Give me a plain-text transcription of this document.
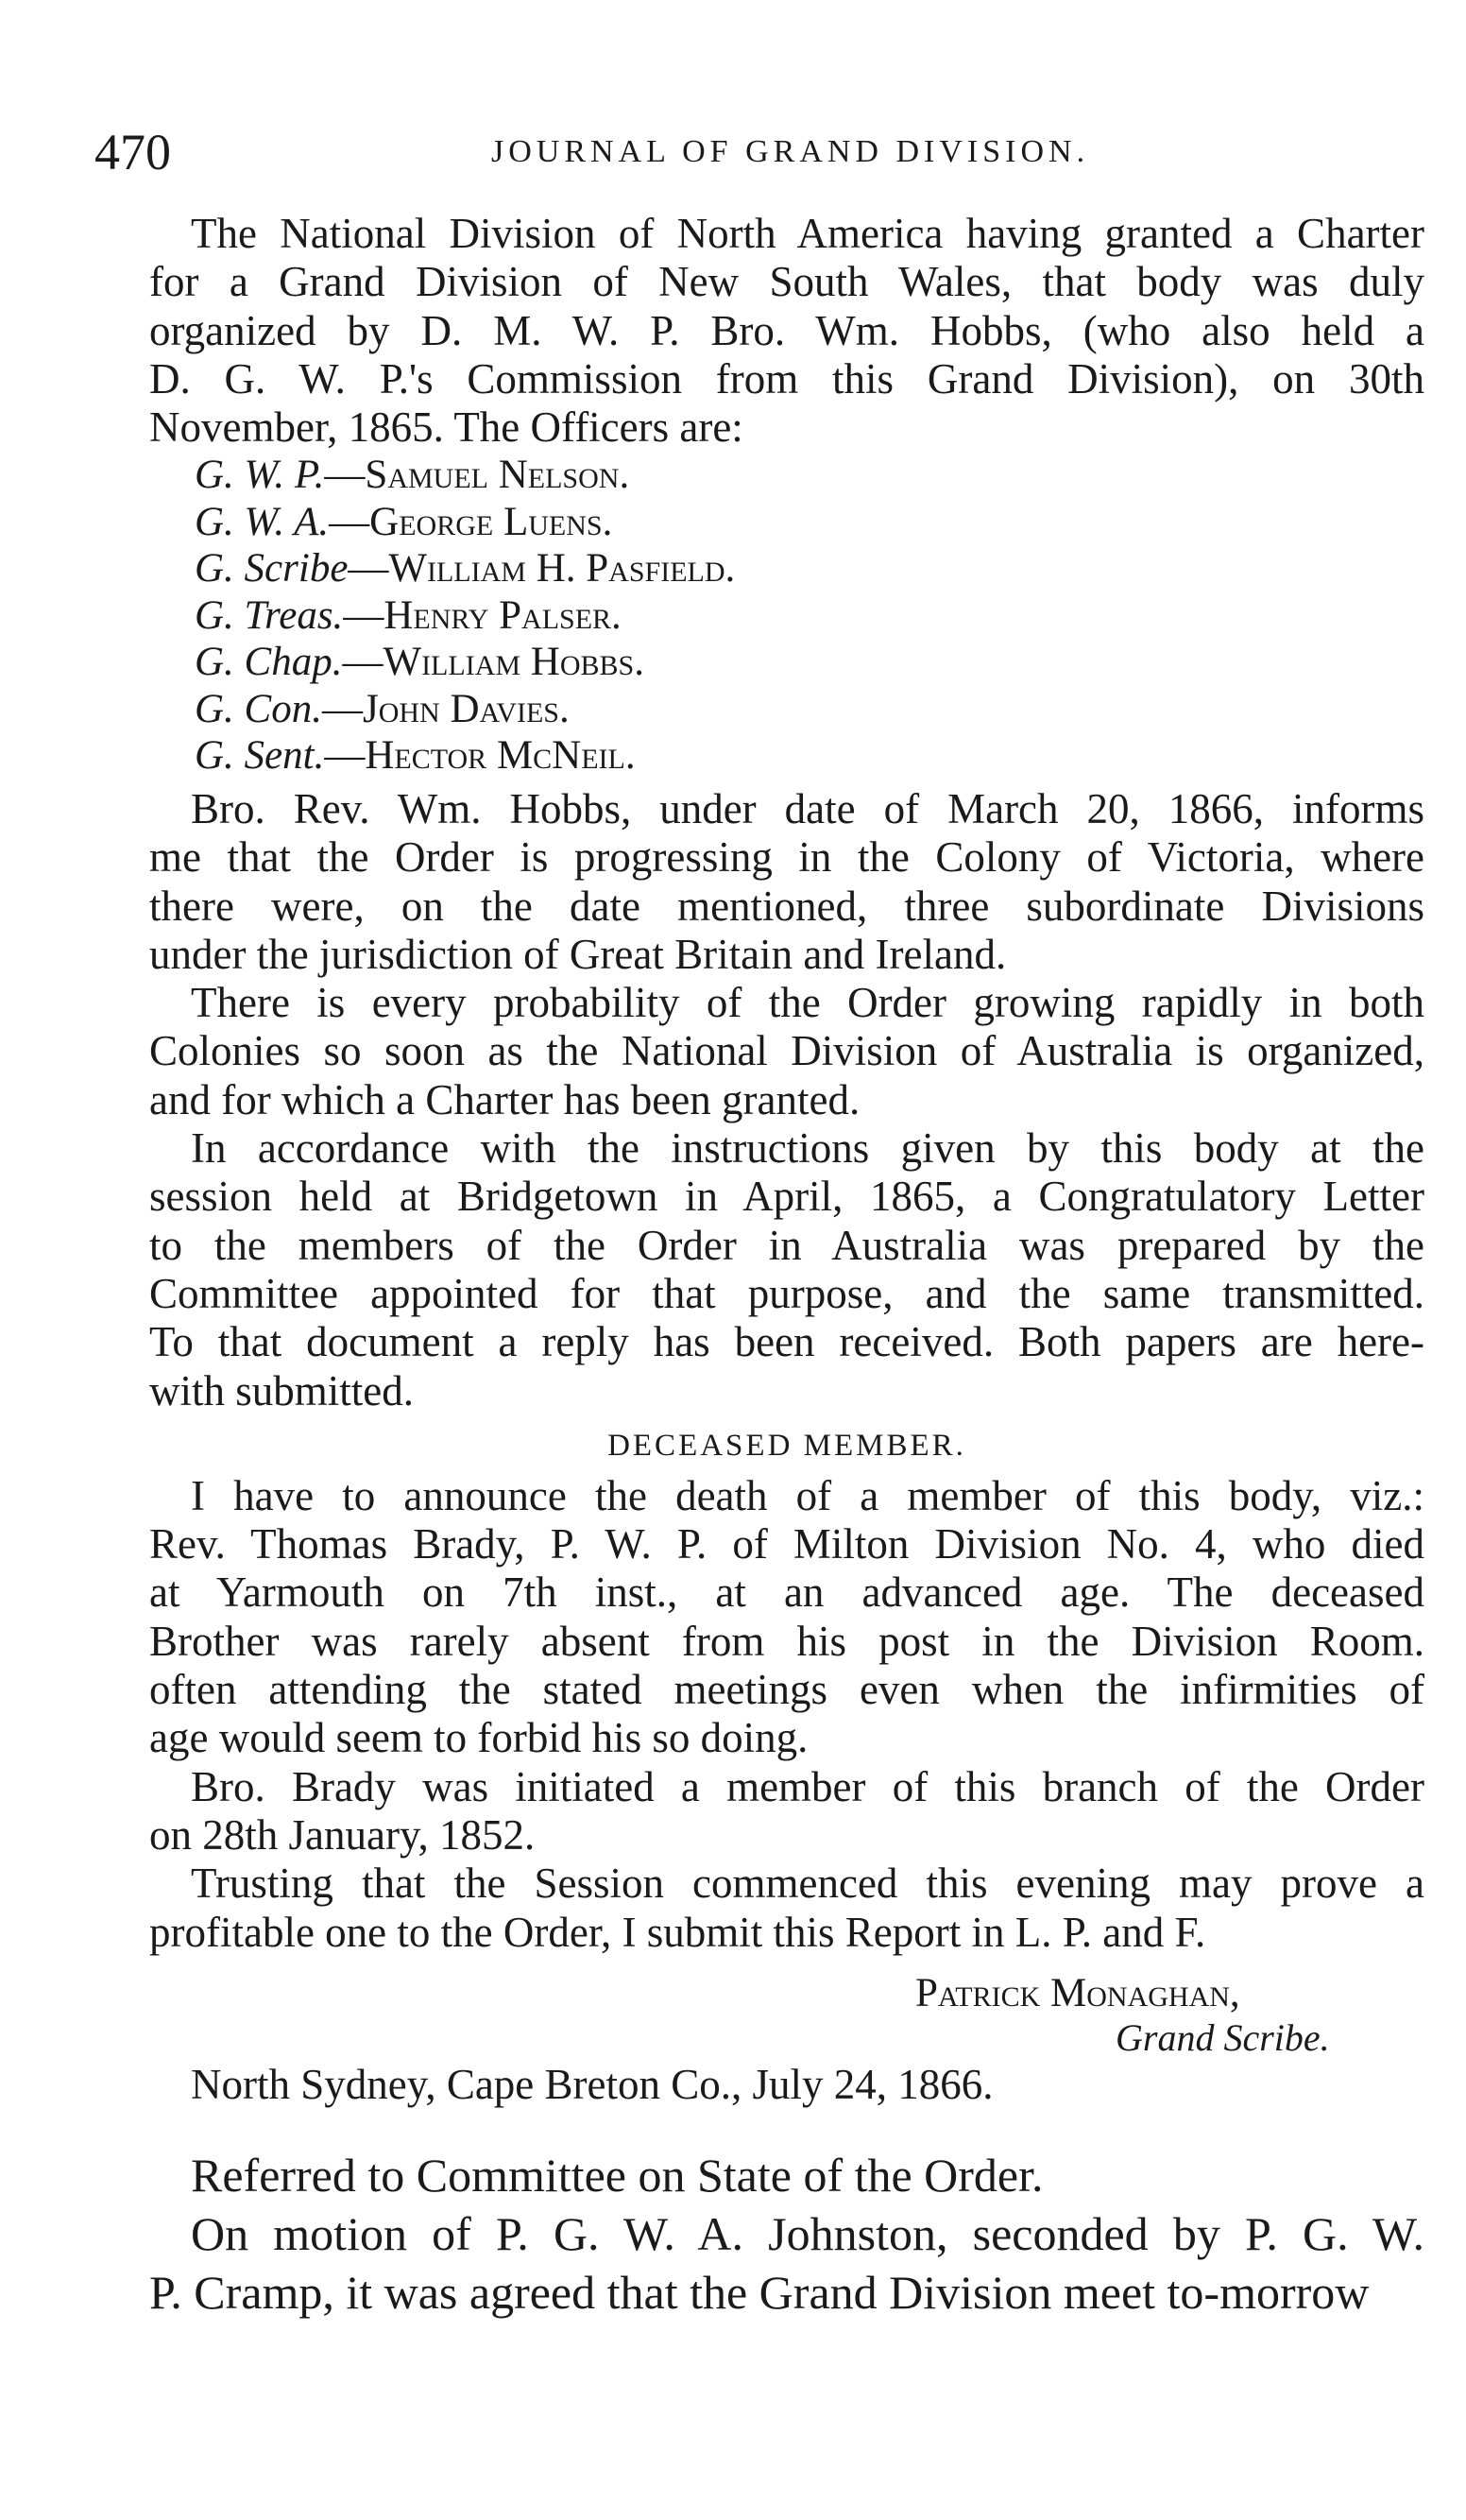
470	JOURNAL OF GRAND DIVISION.
The National Division of North America having granted a Charter
for a Grand Division of New South Wales, that body was duly
organized by D. M. W. P. Bro. Wm. Hobbs, (who also held a
D. G. W. P.'s Commission from this Grand Division), on 30th
November, 1865. The Officers are:
G. W. P.—Samuel Nelson.
G. W. A.—George Luens.
G. Scribe—William H. Pasfield.
G. Treas.—Henry Palser.
G. Chap.—William Hobbs.
G. Con.—John Davies.
G. Sent.—Hector McNeil.
Bro. Rev. Wm. Hobbs, under date of March 20, 1866, informs
me that the Order is progressing in the Colony of Victoria, where
there were, on the date mentioned, three subordinate Divisions
under the jurisdiction of Great Britain and Ireland.
There is every probability of the Order growing rapidly in both
Colonies so soon as the National Division of Australia is organized,
and for which a Charter has been granted.
In accordance with the instructions given by this body at the
session held at Bridgetown in April, 1865, a Congratulatory Letter
to the members of the Order in Australia was prepared by the
Committee appointed for that purpose, and the same transmitted.
To that document a reply has been received. Both papers are here-
with submitted.
DECEASED MEMBER.
I have to announce the death of a member of this body, viz.:
Rev. Thomas Brady, P. W. P. of Milton Division No. 4, who died
at Yarmouth on 7th inst., at an advanced age. The deceased
Brother was rarely absent from his post in the Division Room.
often attending the stated meetings even when the infirmities of
age would seem to forbid his so doing.
Bro. Brady was initiated a member of this branch of the Order
on 28th January, 1852.
Trusting that the Session commenced this evening may prove a
profitable one to the Order, I submit this Report in L. P. and F.
Patrick Monaghan,
Grand Scribe.
North Sydney, Cape Breton Co., July 24, 1866.
Referred to Committee on State of the Order.
On motion of P. G. W. A. Johnston, seconded by P. G. W.
P. Cramp, it was agreed that the Grand Division meet to-morrow
